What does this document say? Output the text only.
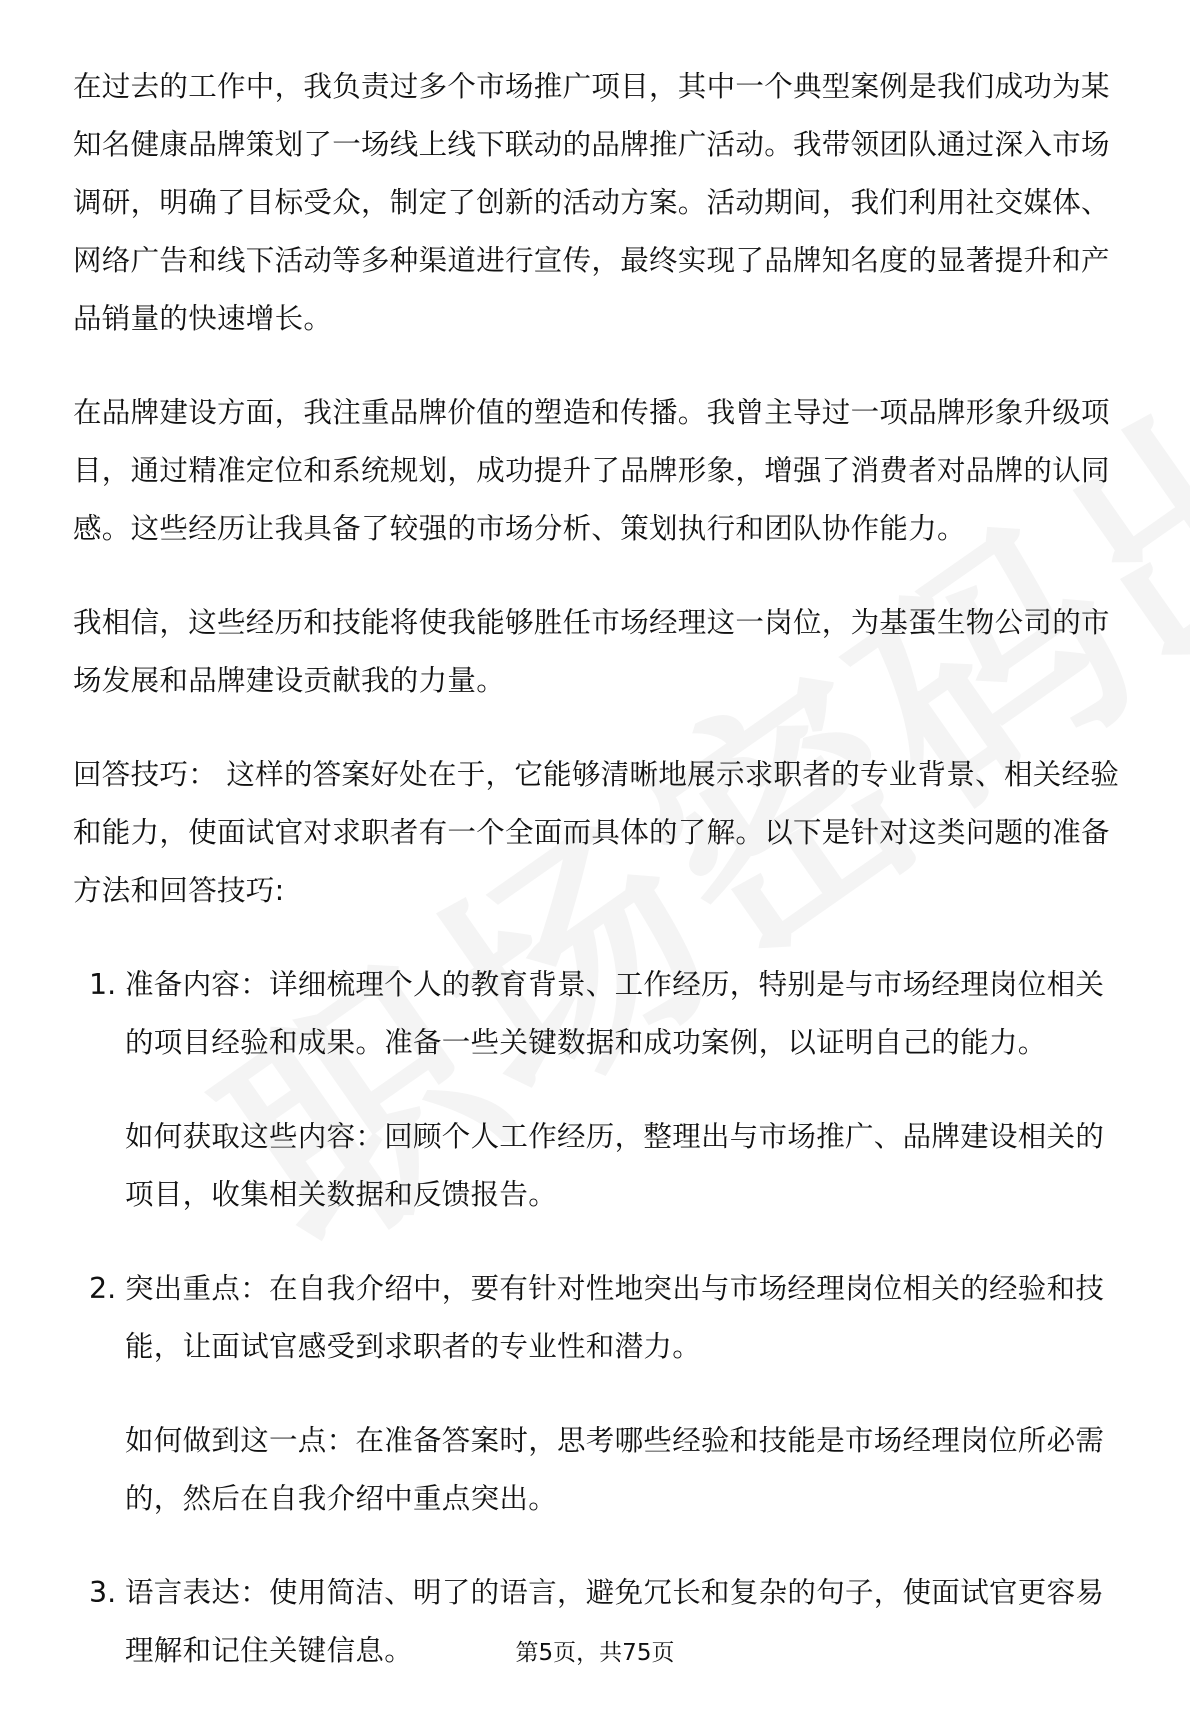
在过去的工作中，我负责过多个市场推广项目，其中一个典型案例是我们成功为某知名健康品牌策划了一场线上线下联动的品牌推广活动。我带领团队通过深入市场调研，明确了目标受众，制定了创新的活动方案。活动期间，我们利用社交媒体、网络广告和线下活动等多种渠道进行宣传，最终实现了品牌知名度的显著提升和产品销量的快速增长。

在品牌建设方面，我注重品牌价值的塑造和传播。我曾主导过一项品牌形象升级项目，通过精准定位和系统规划，成功提升了品牌形象，增强了消费者对品牌的认同感。这些经历让我具备了较强的市场分析、策划执行和团队协作能力。

我相信，这些经历和技能将使我能够胜任市场经理这一岗位，为基蛋生物公司的市场发展和品牌建设贡献我的力量。

回答技巧： 这样的答案好处在于，它能够清晰地展示求职者的专业背景、相关经验和能力，使面试官对求职者有一个全面而具体的了解。以下是针对这类问题的准备方法和回答技巧:

1. 准备内容：详细梳理个人的教育背景、工作经历，特别是与市场经理岗位相关的项目经验和成果。准备一些关键数据和成功案例，以证明自己的能力。

如何获取这些内容：回顾个人工作经历，整理出与市场推广、品牌建设相关的项目，收集相关数据和反馈报告。

2. 突出重点：在自我介绍中，要有针对性地突出与市场经理岗位相关的经验和技能，让面试官感受到求职者的专业性和潜力。

如何做到这一点：在准备答案时，思考哪些经验和技能是市场经理岗位所必需的，然后在自我介绍中重点突出。

3. 语言表达：使用简洁、明了的语言，避免冗长和复杂的句子，使面试官更容易理解和记住关键信息。	第5页，共75页
